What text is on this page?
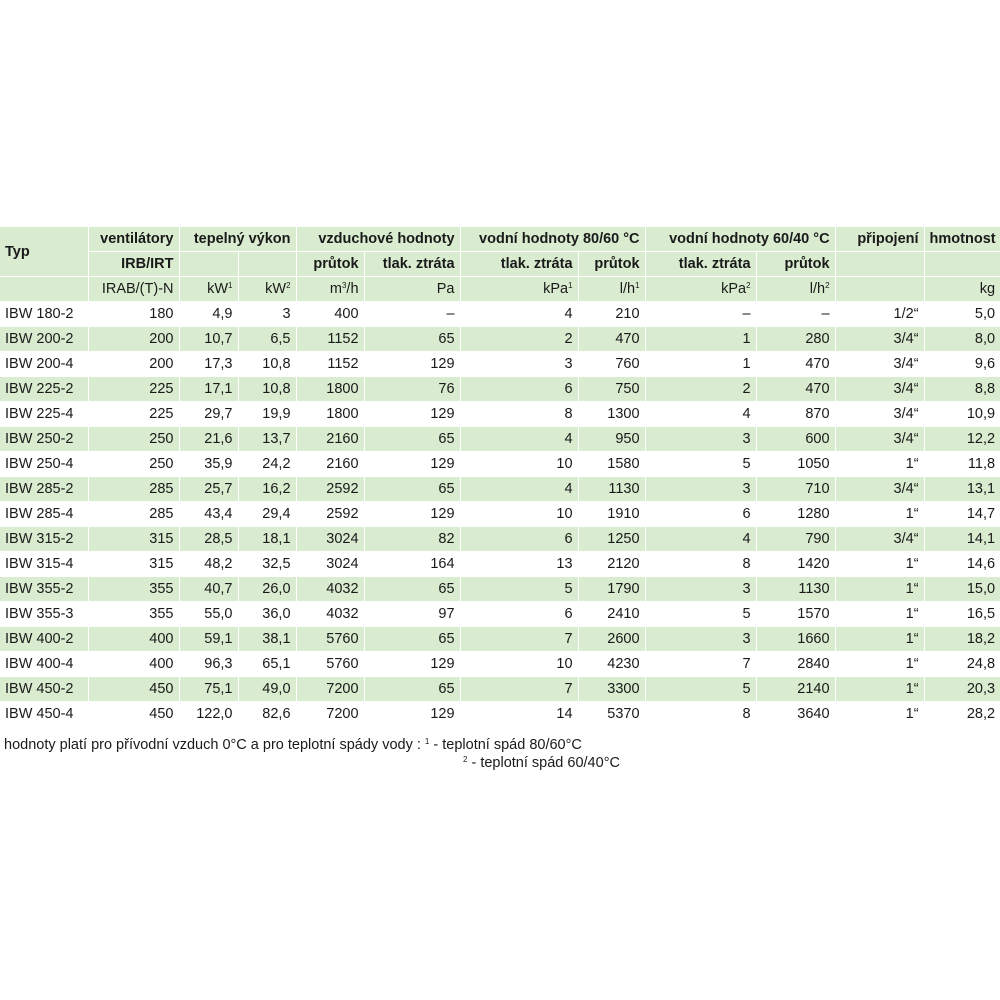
Typ	ventilátory	tepelný výkon		vzduchové hodnoty		vodní hodnoty 80/60 °C		vodní hodnoty 60/40 °C		připojení	hmotnost
	IRB/IRT			průtok	tlak. ztráta	tlak. ztráta	průtok	tlak. ztráta	průtok		
	IRAB/(T)-N	$kW^1$	$kW^2$	$m^3/h$	Pa	kPa$^1$	$l/h^1$	kPa$^2$	$l/h^2$		kg
IBW 180-2	180	4,9	3	400	–	4	210	–	–	1/2“	5,0
IBW 200-2	200	10,7	6,5	1152	65	2	470	1	280	3/4“	8,0
IBW 200-4	200	17,3	10,8	1152	129	3	760	1	470	3/4“	9,6
IBW 225-2	225	17,1	10,8	1800	76	6	750	2	470	3/4“	8,8
IBW 225-4	225	29,7	19,9	1800	129	8	1300	4	870	3/4“	10,9
IBW 250-2	250	21,6	13,7	2160	65	4	950	3	600	3/4“	12,2
IBW 250-4	250	35,9	24,2	2160	129	10	1580	5	1050	1“	11,8
IBW 285-2	285	25,7	16,2	2592	65	4	1130	3	710	3/4“	13,1
IBW 285-4	285	43,4	29,4	2592	129	10	1910	6	1280	1“	14,7
IBW 315-2	315	28,5	18,1	3024	82	6	1250	4	790	3/4“	14,1
IBW 315-4	315	48,2	32,5	3024	164	13	2120	8	1420	1“	14,6
IBW 355-2	355	40,7	26,0	4032	65	5	1790	3	1130	1“	15,0
IBW 355-3	355	55,0	36,0	4032	97	6	2410	5	1570	1“	16,5
IBW 400-2	400	59,1	38,1	5760	65	7	2600	3	1660	1“	18,2
IBW 400-4	400	96,3	65,1	5760	129	10	4230	7	2840	1“	24,8
IBW 450-2	450	75,1	49,0	7200	65	7	3300	5	2140	1“	20,3
IBW 450-4	450	122,0	82,6	7200	129	14	5370	8	3640	1“	28,2
hodnoty platí pro přívodní vzduch 0°C a pro teplotní spády vody : $^1$ - teplotní spád 80/60°C
$^2$ - teplotní spád 60/40°C
